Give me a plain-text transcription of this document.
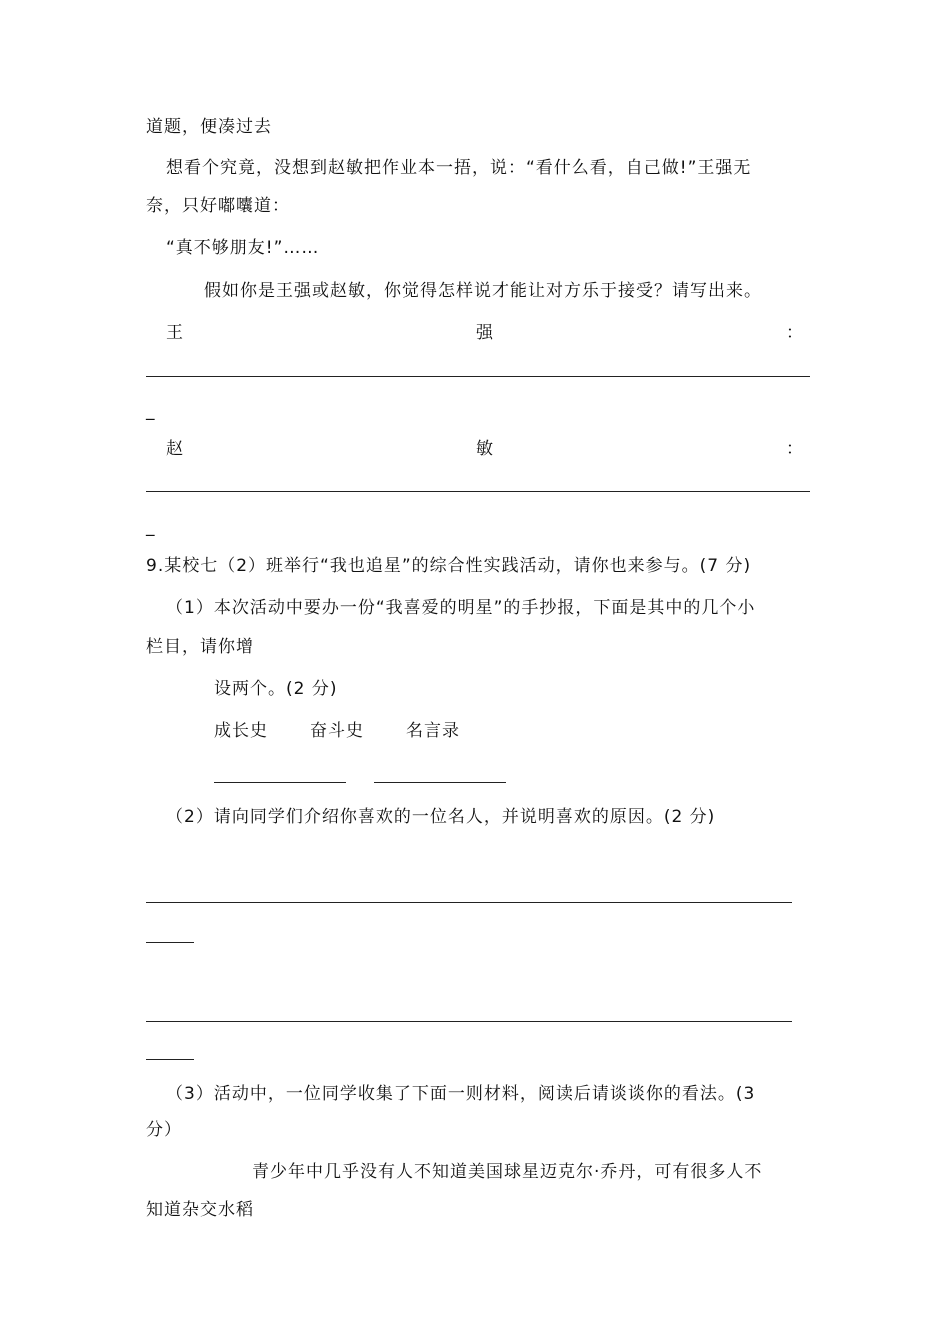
道题，便凑过去
想看个究竟，没想到赵敏把作业本一捂，说：“看什么看，自己做!”王强无
奈，只好嘟囔道：
“真不够朋友!”……
假如你是王强或赵敏，你觉得怎样说才能让对方乐于接受？请写出来。
王	强	：
_
赵	敏	：
_
9.某校七（2）班举行“我也追星”的综合性实践活动，请你也来参与。(7 分)
（1）本次活动中要办一份“我喜爱的明星”的手抄报，下面是其中的几个小
栏目，请你增
设两个。(2 分)
成长史 奋斗史 名言录
（2）请向同学们介绍你喜欢的一位名人，并说明喜欢的原因。(2 分)
（3）活动中，一位同学收集了下面一则材料，阅读后请谈谈你的看法。(3
分）
青少年中几乎没有人不知道美国球星迈克尔·乔丹，可有很多人不
知道杂交水稻
